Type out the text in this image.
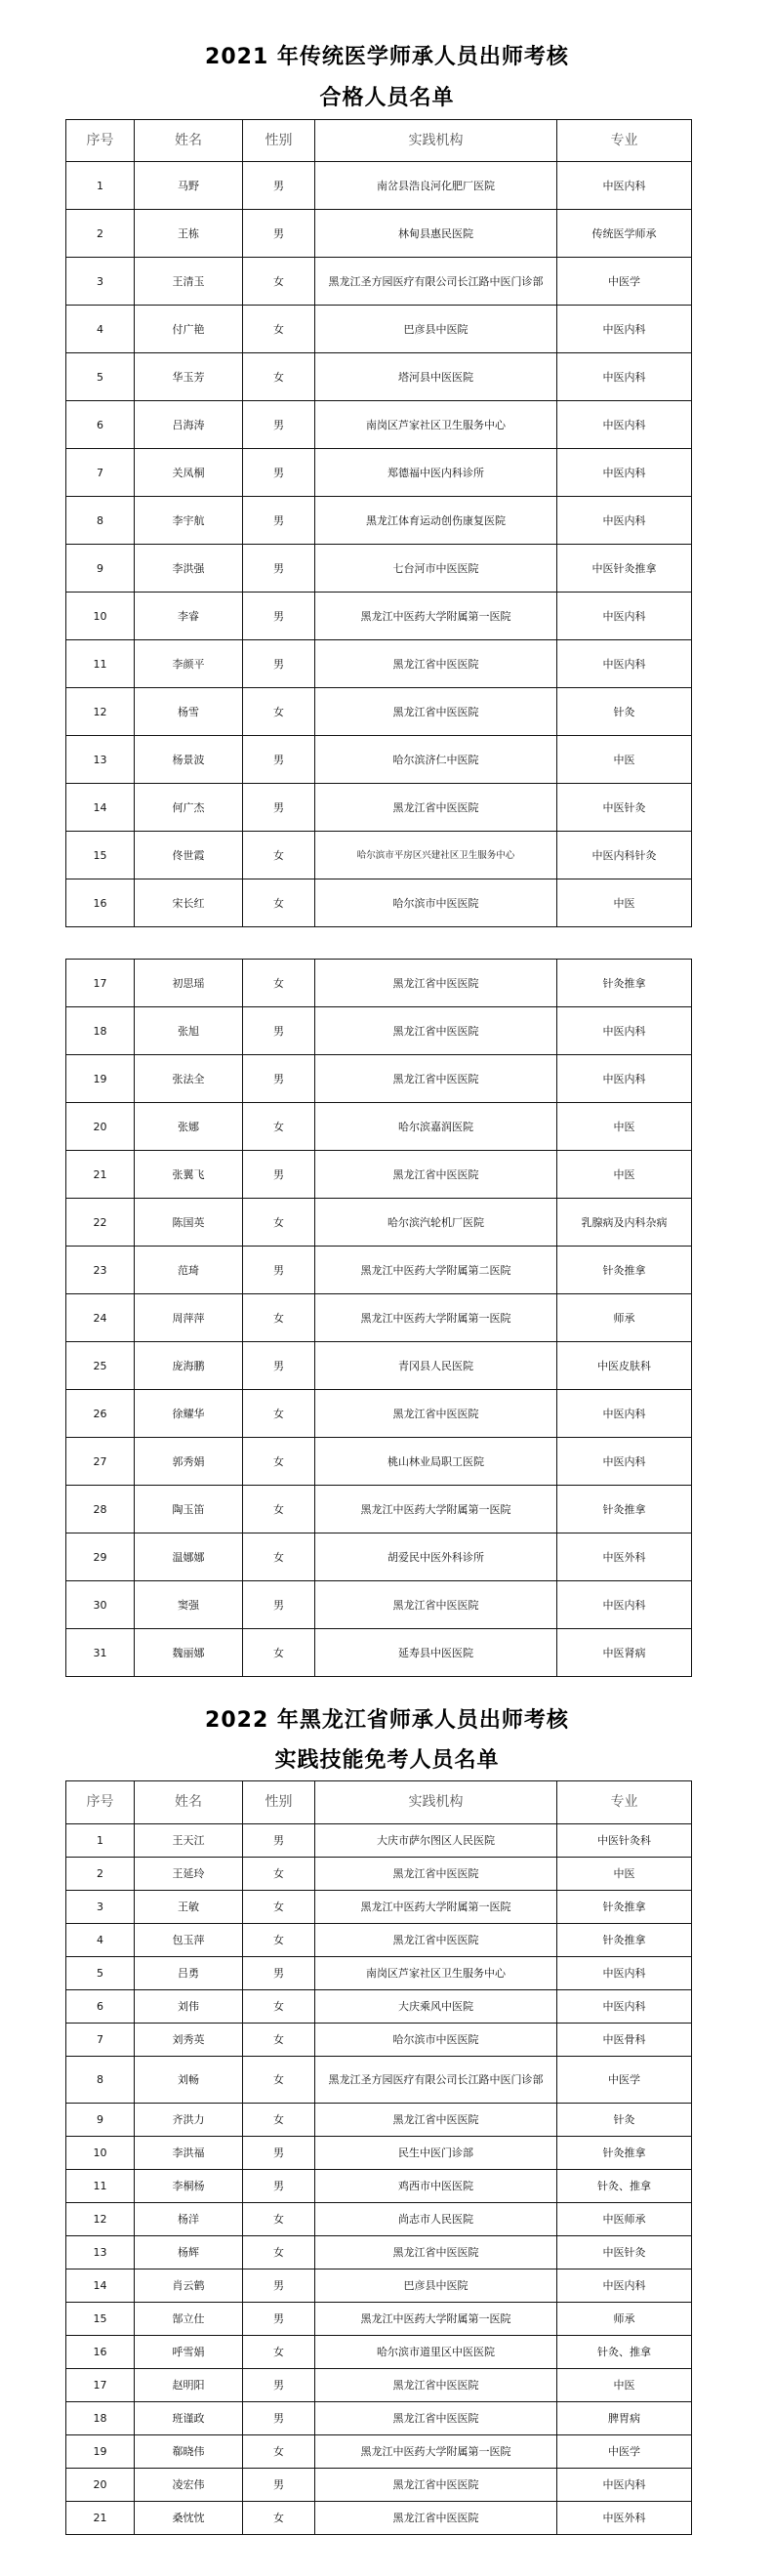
2021 年传统医学师承人员出师考核
合格人员名单
序号	姓名	性别	实践机构	专业
1	马野	男	南岔县浩良河化肥厂医院	中医内科
2	王栋	男	林甸县惠民医院	传统医学师承
3	王清玉	女	黑龙江圣方园医疗有限公司长江路中医门诊部	中医学
4	付广艳	女	巴彦县中医院	中医内科
5	华玉芳	女	塔河县中医医院	中医内科
6	吕海涛	男	南岗区芦家社区卫生服务中心	中医内科
7	关凤桐	男	郑德福中医内科诊所	中医内科
8	李宇航	男	黑龙江体育运动创伤康复医院	中医内科
9	李洪强	男	七台河市中医医院	中医针灸推拿
10	李睿	男	黑龙江中医药大学附属第一医院	中医内科
11	李颜平	男	黑龙江省中医医院	中医内科
12	杨雪	女	黑龙江省中医医院	针灸
13	杨景波	男	哈尔滨济仁中医院	中医
14	何广杰	男	黑龙江省中医医院	中医针灸
15	佟世霞	女	哈尔滨市平房区兴建社区卫生服务中心	中医内科针灸
16	宋长红	女	哈尔滨市中医医院	中医
17	初思瑶	女	黑龙江省中医医院	针灸推拿
18	张旭	男	黑龙江省中医医院	中医内科
19	张法全	男	黑龙江省中医医院	中医内科
20	张娜	女	哈尔滨嘉润医院	中医
21	张翼飞	男	黑龙江省中医医院	中医
22	陈国英	女	哈尔滨汽轮机厂医院	乳腺病及内科杂病
23	范琦	男	黑龙江中医药大学附属第二医院	针灸推拿
24	周萍萍	女	黑龙江中医药大学附属第一医院	师承
25	庞海鹏	男	青冈县人民医院	中医皮肤科
26	徐耀华	女	黑龙江省中医医院	中医内科
27	郭秀娟	女	桃山林业局职工医院	中医内科
28	陶玉笛	女	黑龙江中医药大学附属第一医院	针灸推拿
29	温娜娜	女	胡爱民中医外科诊所	中医外科
30	窦强	男	黑龙江省中医医院	中医内科
31	魏丽娜	女	延寿县中医医院	中医肾病
2022 年黑龙江省师承人员出师考核
实践技能免考人员名单
序号	姓名	性别	实践机构	专业
1	王天江	男	大庆市萨尔图区人民医院	中医针灸科
2	王延玲	女	黑龙江省中医医院	中医
3	王敏	女	黑龙江中医药大学附属第一医院	针灸推拿
4	包玉萍	女	黑龙江省中医医院	针灸推拿
5	吕勇	男	南岗区芦家社区卫生服务中心	中医内科
6	刘伟	女	大庆乘风中医院	中医内科
7	刘秀英	女	哈尔滨市中医医院	中医骨科
8	刘畅	女	黑龙江圣方园医疗有限公司长江路中医门诊部	中医学
9	齐洪力	女	黑龙江省中医医院	针灸
10	李洪福	男	民生中医门诊部	针灸推拿
11	李桐杨	男	鸡西市中医医院	针灸、推拿
12	杨洋	女	尚志市人民医院	中医师承
13	杨辉	女	黑龙江省中医医院	中医针灸
14	肖云鹤	男	巴彦县中医院	中医内科
15	郜立仕	男	黑龙江中医药大学附属第一医院	师承
16	呼雪娟	女	哈尔滨市道里区中医医院	针灸、推拿
17	赵明阳	男	黑龙江省中医医院	中医
18	班谨政	男	黑龙江省中医医院	脾胃病
19	郗晓伟	女	黑龙江中医药大学附属第一医院	中医学
20	凌宏伟	男	黑龙江省中医医院	中医内科
21	桑忱忱	女	黑龙江省中医医院	中医外科
